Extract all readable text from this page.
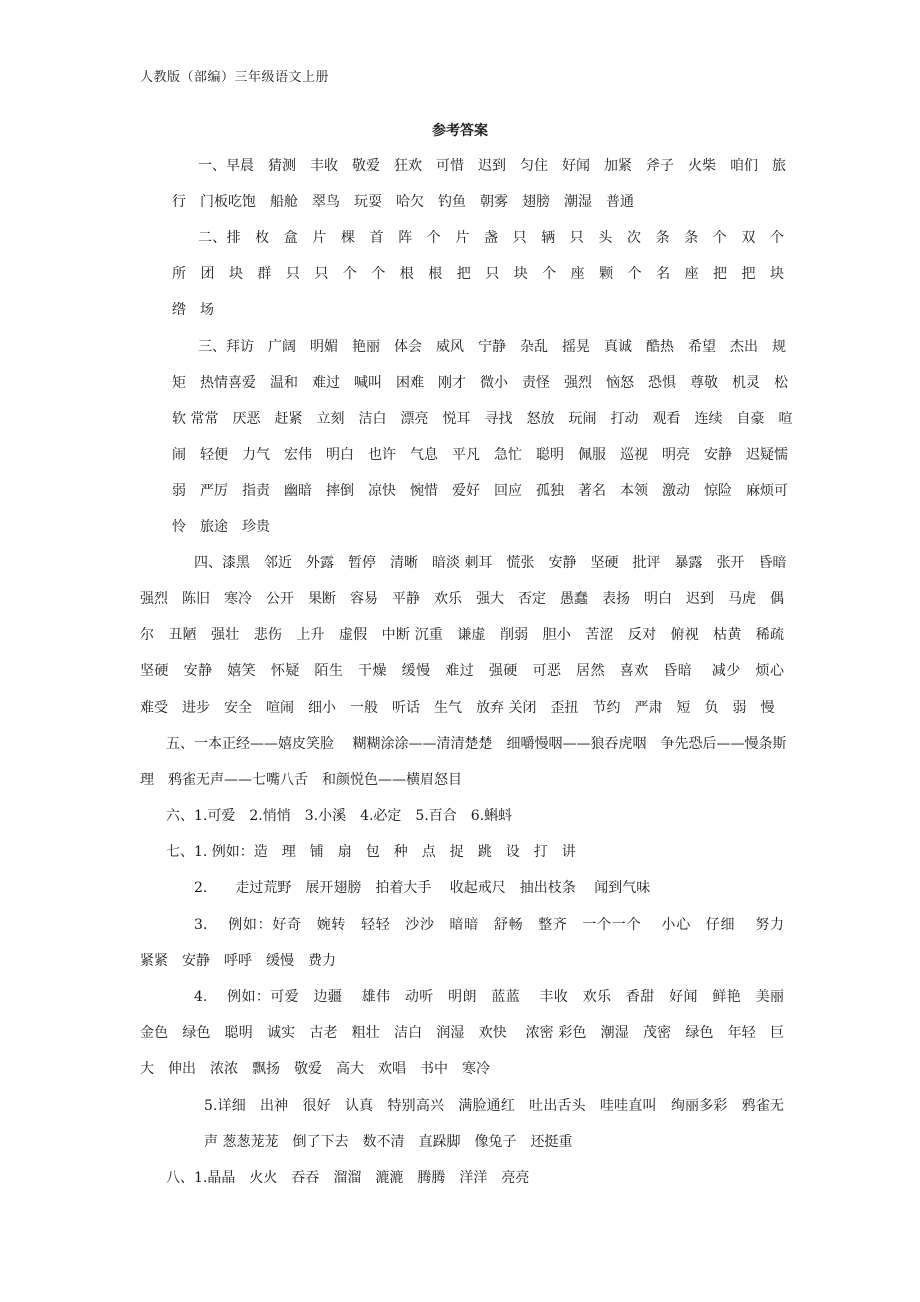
人教版（部编）三年级语文上册
参考答案
一、早晨　猜测　丰收　敬爱　狂欢　可惜　迟到　匀住　好闻　加紧　斧子　火柴　咱们　旅
行　门板吃饱　船舱　翠鸟　玩耍　哈欠　钓鱼　朝雾　翅膀　潮湿　普通
二、排　枚　盒　片　棵　首　阵　个　片　盏　只　辆　只　头　次　条　条　个　双　个
所　团　块　群　只　只　个　个　根　根　把　只　块　个　座　颗　个　名　座　把　把　块
绺　场
三、拜访　广阔　明媚　艳丽　体会　威风　宁静　杂乱　摇晃　真诚　酷热　希望　杰出　规
矩　热情喜爱　温和　难过　喊叫　困难　刚才　微小　责怪　强烈　恼怒　恐惧　尊敬　机灵　松
软 常常　厌恶　赶紧　立刻　洁白　漂亮　悦耳　寻找　怒放　玩闹　打动　观看　连续　自豪　喧
闹　轻便　力气　宏伟　明白　也许　气息　平凡　急忙　聪明　佩服　巡视　明亮　安静　迟疑懦
弱　严厉　指责　幽暗　摔倒　凉快　惋惜　爱好　回应　孤独　著名　本领　激动　惊险　麻烦可
怜　旅途　珍贵
四、漆黑　邻近　外露　暂停　清晰　暗淡 刺耳　慌张　安静　坚硬　批评　暴露　张开　昏暗
强烈　陈旧　寒冷　公开　果断　容易　平静　欢乐　强大　否定　愚蠢　表扬　明白　迟到　马虎　偶
尔　丑陋　强壮　悲伤　上升　虚假　中断 沉重　谦虚　削弱　胆小　苦涩　反对　俯视　枯黄　稀疏
坚硬　安静　嬉笑　怀疑　陌生　干燥　缓慢　难过　强硬　可恶　居然　喜欢　昏暗　 减少　烦心
难受　进步　安全　喧闹　细小　一般　听话　生气　放弃 关闭　歪扭　节约　严肃　短　负　弱　慢
五、一本正经——嬉皮笑脸　 糊糊涂涂——清清楚楚　细嚼慢咽——狼吞虎咽　争先恐后——慢条斯
理　鸦雀无声——七嘴八舌　和颜悦色——横眉怒目
六、1.可爱　2.悄悄　3.小溪　4.必定　5.百合　6.蝌蚪
七、1. 例如：造　理　铺　扇　包　种　点　捉　跳　设　打　讲
2.　　走过荒野　展开翅膀　拍着大手　 收起戒尺　抽出枝条　 闻到气味
3.　 例如：好奇　婉转　轻轻　沙沙　暗暗　舒畅　整齐　一个一个　 小心　仔细　 努力
紧紧　安静　呼呼　缓慢　费力
4.　 例如：可爱　边疆　 雄伟　动听　明朗　蓝蓝　 丰收　欢乐　香甜　好闻　鲜艳　美丽
金色　绿色　聪明　诚实　古老　粗壮　洁白　润湿　欢快　 浓密 彩色　潮湿　茂密　绿色　年轻　巨
大　伸出　浓浓　飘扬　敬爱　高大　欢唱　书中　寒冷
5.详细　出神　很好　认真　特别高兴　满脸通红　吐出舌头　哇哇直叫　绚丽多彩　鸦雀无
声 葱葱茏茏　倒了下去　数不清　直跺脚　像兔子　还挺重
八、1.晶晶　火火　吞吞　溜溜　漉漉　腾腾　洋洋　亮亮
